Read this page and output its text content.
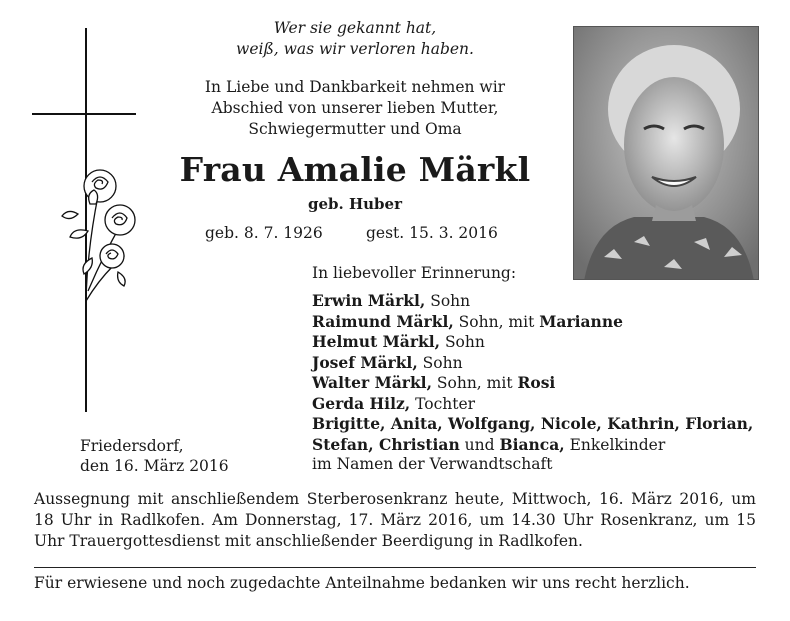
Wer sie gekannt hat,
weiß, was wir verloren haben.
In Liebe und Dankbarkeit nehmen wir
Abschied von unserer lieben Mutter,
Schwiegermutter und Oma
Frau Amalie Märkl
geb. Huber
geb. 8. 7. 1926	gest. 15. 3. 2016
In liebevoller Erinnerung:
Erwin Märkl, Sohn
Raimund Märkl, Sohn, mit Marianne
Helmut Märkl, Sohn
Josef Märkl, Sohn
Walter Märkl, Sohn, mit Rosi
Gerda Hilz, Tochter
Brigitte, Anita, Wolfgang, Nicole, Kathrin, Florian,
Stefan, Christian und Bianca, Enkelkinder
im Namen der Verwandtschaft
Friedersdorf,
den 16. März 2016
Aussegnung mit anschließendem Sterberosenkranz heute, Mittwoch, 16. März 2016, um 18 Uhr in Radlkofen. Am Donnerstag, 17. März 2016, um 14.30 Uhr Rosenkranz, um 15 Uhr Trauergottesdienst mit anschließender Beerdigung in Radlkofen.
Für erwiesene und noch zugedachte Anteilnahme bedanken wir uns recht herzlich.
